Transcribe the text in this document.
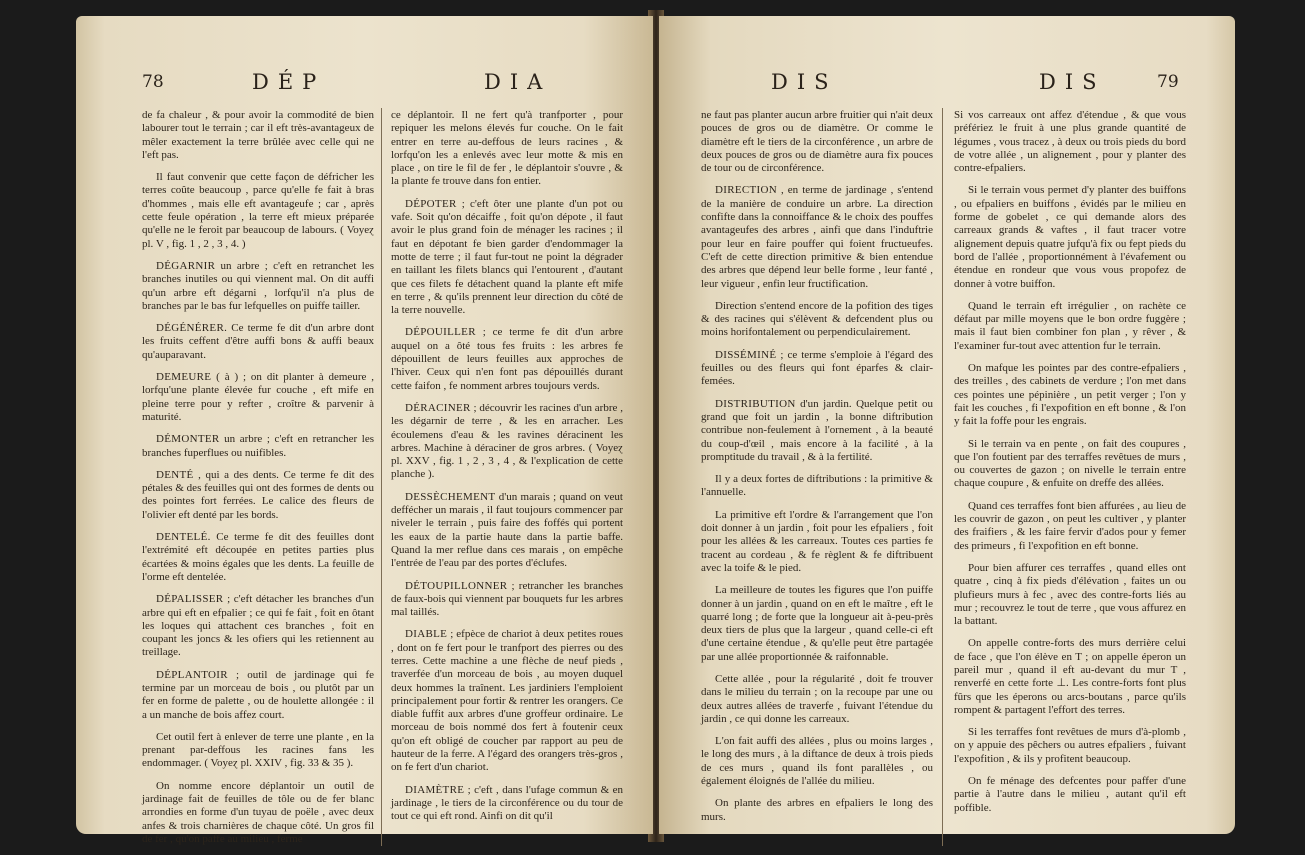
78	DÉP	DIA

de fa chaleur , & pour avoir la commodité de bien labourer tout le terrain ; car il eft très-avantageux de mêler exactement la terre brûlée avec celle qui ne l'eft pas.

Il faut convenir que cette façon de défricher les terres coûte beaucoup , parce qu'elle fe fait à bras d'hommes , mais elle eft avantageufe ; car , après cette feule opération , la terre eft mieux préparée qu'elle ne le feroit par beaucoup de labours. ( Voyeɀ pl. V , fig. 1 , 2 , 3 , 4. )

DÉGARNIR un arbre ; c'eft en retranchet les branches inutiles ou qui viennent mal. On dit auffi qu'un arbre eft dégarni , lorfqu'il n'a plus de branches par le bas fur lefquelles on puiffe tailler.

DÉGÉNÉRER. Ce terme fe dit d'un arbre dont les fruits ceffent d'être auffi bons & auffi beaux qu'auparavant.

DEMEURE ( à ) ; on dit planter à demeure , lorfqu'une plante élevée fur couche , eft mife en pleine terre pour y refter , croître & parvenir à maturité.

DÉMONTER un arbre ; c'eft en retrancher les branches fuperflues ou nuifibles.

DENTÉ , qui a des dents. Ce terme fe dit des pétales & des feuilles qui ont des formes de dents ou des pointes fort ferrées. Le calice des fleurs de l'olivier eft denté par les bords.

DENTELÉ. Ce terme fe dit des feuilles dont l'extrémité eft découpée en petites parties plus écartées & moins égales que les dents. La feuille de l'orme eft dentelée.

DÉPALISSER ; c'eft détacher les branches d'un arbre qui eft en efpalier ; ce qui fe fait , foit en ôtant les loques qui attachent ces branches , foit en coupant les joncs & les ofiers qui les retiennent au treillage.

DÉPLANTOIR ; outil de jardinage qui fe termine par un morceau de bois , ou plutôt par un fer en forme de palette , ou de houlette allongée : il a un manche de bois affez court.

Cet outil fert à enlever de terre une plante , en la prenant par-deffous les racines fans les endommager. ( Voyeɀ pl. XXIV , fig. 33 & 35 ).

On nomme encore déplantoir un outil de jardinage fait de feuilles de tôle ou de fer blanc arrondies en forme d'un tuyau de poële , avec deux anfes & trois charnières de chaque côté. Un gros fil de fer , qu'on paffe au milieu , ferme

ce déplantoir. Il ne fert qu'à tranfporter , pour repiquer les melons élevés fur couche. On le fait entrer en terre au-deffous de leurs racines , & lorfqu'on les a enlevés avec leur motte & mis en place , on tire le fil de fer , le déplantoir s'ouvre , & la plante fe trouve dans fon entier.

DÉPOTER ; c'eft ôter une plante d'un pot ou vafe. Soit qu'on décaiffe , foit qu'on dépote , il faut avoir le plus grand foin de ménager les racines ; il faut en dépotant fe bien garder d'endommager la motte de terre ; il faut fur-tout ne point la dégrader en taillant les filets blancs qui l'entourent , d'autant que ces filets fe détachent quand la plante eft mife en terre , & qu'ils prennent leur direction du côté de la terre nouvelle.

DÉPOUILLER ; ce terme fe dit d'un arbre auquel on a ôté tous fes fruits : les arbres fe dépouillent de leurs feuilles aux approches de l'hiver. Ceux qui n'en font pas dépouillés durant cette faifon , fe nomment arbres toujours verds.

DÉRACINER ; découvrir les racines d'un arbre , les dégarnir de terre , & les en arracher. Les écoulemens d'eau & les ravines déracinent les arbres. Machine à déraciner de gros arbres. ( Voyeɀ pl. XXV , fig. 1 , 2 , 3 , 4 , & l'explication de cette planche ).

DESSÈCHEMENT d'un marais ; quand on veut deffécher un marais , il faut toujours commencer par niveler le terrain , puis faire des foffés qui portent les eaux de la partie haute dans la partie baffe. Quand la mer reflue dans ces marais , on empêche l'entrée de l'eau par des portes d'éclufes.

DÉTOUPILLONNER ; retrancher les branches de faux-bois qui viennent par bouquets fur les arbres mal taillés.

DIABLE ; efpèce de chariot à deux petites roues , dont on fe fert pour le tranfport des pierres ou des terres. Cette machine a une flèche de neuf pieds , traverfée d'un morceau de bois , au moyen duquel deux hommes la traînent. Les jardiniers l'emploient principalement pour fortir & rentrer les orangers. Ce diable fuffit aux arbres d'une groffeur ordinaire. Le morceau de bois nommé dos fert à foutenir ceux qu'on eft obligé de coucher par rapport au peu de hauteur de la ferre. A l'égard des orangers très-gros , on fe fert d'un chariot.

DIAMÈTRE ; c'eft , dans l'ufage commun & en jardinage , le tiers de la circonférence ou du tour de tout ce qui eft rond. Ainfi on dit qu'il

DIS	DIS	79

ne faut pas planter aucun arbre fruitier qui n'ait deux pouces de gros ou de diamètre. Or comme le diamètre eft le tiers de la circonférence , un arbre de deux pouces de gros ou de diamètre aura fix pouces de tour ou de circonférence.

DIRECTION , en terme de jardinage , s'entend de la manière de conduire un arbre. La direction confifte dans la connoiffance & le choix des pouffes avantageufes des arbres , ainfi que dans l'induftrie pour leur en faire pouffer qui foient fructueufes. C'eft de cette direction primitive & bien entendue des arbres que dépend leur belle forme , leur fanté , leur vigueur , enfin leur fructification.

Direction s'entend encore de la pofition des tiges & des racines qui s'élèvent & defcendent plus ou moins horifontalement ou perpendiculairement.

DISSÉMINÉ ; ce terme s'emploie à l'égard des feuilles ou des fleurs qui font éparfes & clair-femées.

DISTRIBUTION d'un jardin. Quelque petit ou grand que foit un jardin , la bonne diftribution contribue non-feulement à l'ornement , à la beauté du coup-d'œil , mais encore à la facilité , à la promptitude du travail , & à la fertilité.

Il y a deux fortes de diftributions : la primitive & l'annuelle.

La primitive eft l'ordre & l'arrangement que l'on doit donner à un jardin , foit pour les efpaliers , foit pour les allées & les carreaux. Toutes ces parties fe tracent au cordeau , & fe règlent & fe diftribuent avec la toife & le pied.

La meilleure de toutes les figures que l'on puiffe donner à un jardin , quand on en eft le maître , eft le quarré long ; de forte que la longueur ait à-peu-près deux tiers de plus que la largeur , quand celle-ci eft d'une certaine étendue , & qu'elle peut être partagée par une allée proportionnée & raifonnable.

Cette allée , pour la régularité , doit fe trouver dans le milieu du terrain ; on la recoupe par une ou deux autres allées de traverfe , fuivant l'étendue du jardin , ce qui donne les carreaux.

L'on fait auffi des allées , plus ou moins larges , le long des murs , à la diftance de deux à trois pieds de ces murs , quand ils font parallèles , ou également éloignés de l'allée du milieu.

On plante des arbres en efpaliers le long des murs.

Si vos carreaux ont affez d'étendue , & que vous préfériez le fruit à une plus grande quantité de légumes , vous tracez , à deux ou trois pieds du bord de votre allée , un alignement , pour y planter des contre-efpaliers.

Si le terrain vous permet d'y planter des buiffons , ou efpaliers en buiffons , évidés par le milieu en forme de gobelet , ce qui demande alors des carreaux grands & vaftes , il faut tracer votre alignement depuis quatre jufqu'à fix ou fept pieds du bord de l'allée , proportionnément à l'évafement ou étendue en rondeur que vous vous propofez de donner à votre buiffon.

Quand le terrain eft irrégulier , on rachète ce défaut par mille moyens que le bon ordre fuggère ; mais il faut bien combiner fon plan , y rêver , & l'examiner fur-tout avec attention fur le terrain.

On mafque les pointes par des contre-efpaliers , des treilles , des cabinets de verdure ; l'on met dans ces pointes une pépinière , un petit verger ; l'on y fait les couches , fi l'expofition en eft bonne , & l'on y fait la foffe pour les engrais.

Si le terrain va en pente , on fait des coupures , que l'on foutient par des terraffes revêtues de murs , ou couvertes de gazon ; on nivelle le terrain entre chaque coupure , & enfuite on dreffe des allées.

Quand ces terraffes font bien affurées , au lieu de les couvrir de gazon , on peut les cultiver , y planter des fraifiers , & les faire fervir d'ados pour y femer des primeurs , fi l'expofition en eft bonne.

Pour bien affurer ces terraffes , quand elles ont quatre , cinq à fix pieds d'élévation , faites un ou plufieurs murs à fec , avec des contre-forts liés au mur ; recouvrez le tout de terre , que vous affurez en la battant.

On appelle contre-forts des murs derrière celui de face , que l'on élève en T ; on appelle éperon un pareil mur , quand il eft au-devant du mur T , renverfé en cette forte ⊥. Les contre-forts font plus fûrs que les éperons ou arcs-boutans , parce qu'ils rompent & partagent l'effort des terres.

Si les terraffes font revêtues de murs d'à-plomb , on y appuie des pêchers ou autres efpaliers , fuivant l'expofition , & ils y profitent beaucoup.

On fe ménage des defcentes pour paffer d'une partie à l'autre dans le milieu , autant qu'il eft poffible.
